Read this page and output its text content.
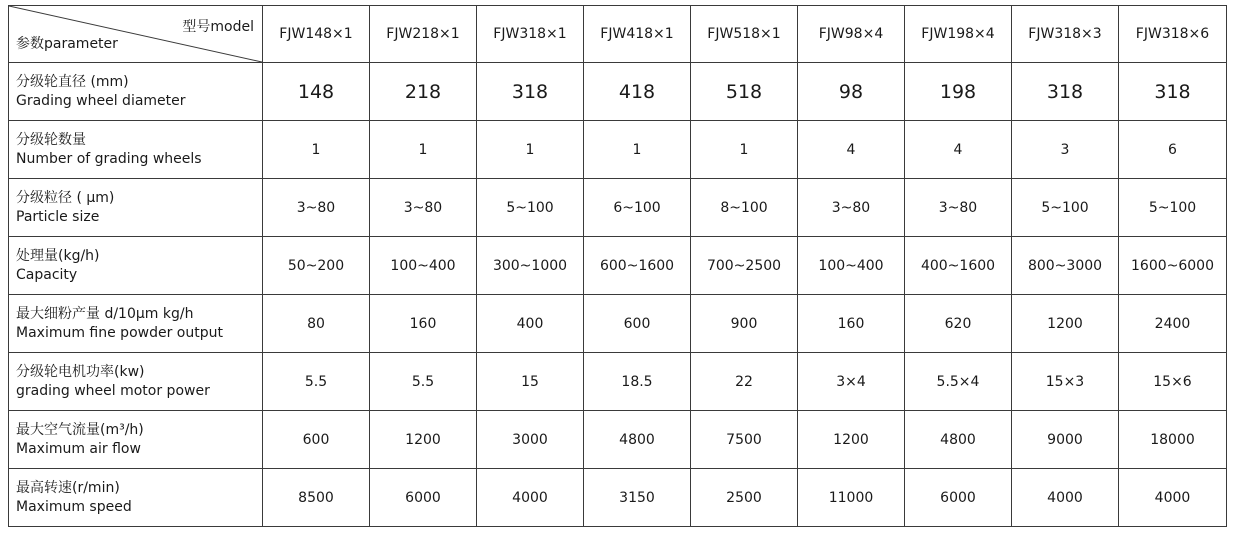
型号model
参数parameter	FJW148×1	FJW218×1	FJW318×1	FJW418×1	FJW518×1	FJW98×4	FJW198×4	FJW318×3	FJW318×6

分级轮直径 (mm)
Grading wheel diameter	148	218	318	418	518	98	198	318	318

分级轮数量
Number of grading wheels	1	1	1	1	1	4	4	3	6

分级粒径 ( μm)
Particle size	3~80	3~80	5~100	6~100	8~100	3~80	3~80	5~100	5~100

处理量(kg/h)
Capacity	50~200	100~400	300~1000	600~1600	700~2500	100~400	400~1600	800~3000	1600~6000

最大细粉产量 d/10μm kg/h
Maximum fine powder output	80	160	400	600	900	160	620	1200	2400

分级轮电机功率(kw)
grading wheel motor power	5.5	5.5	15	18.5	22	3×4	5.5×4	15×3	15×6

最大空气流量(m³/h)
Maximum air flow	600	1200	3000	4800	7500	1200	4800	9000	18000

最高转速(r/min)
Maximum speed	8500	6000	4000	3150	2500	11000	6000	4000	4000
